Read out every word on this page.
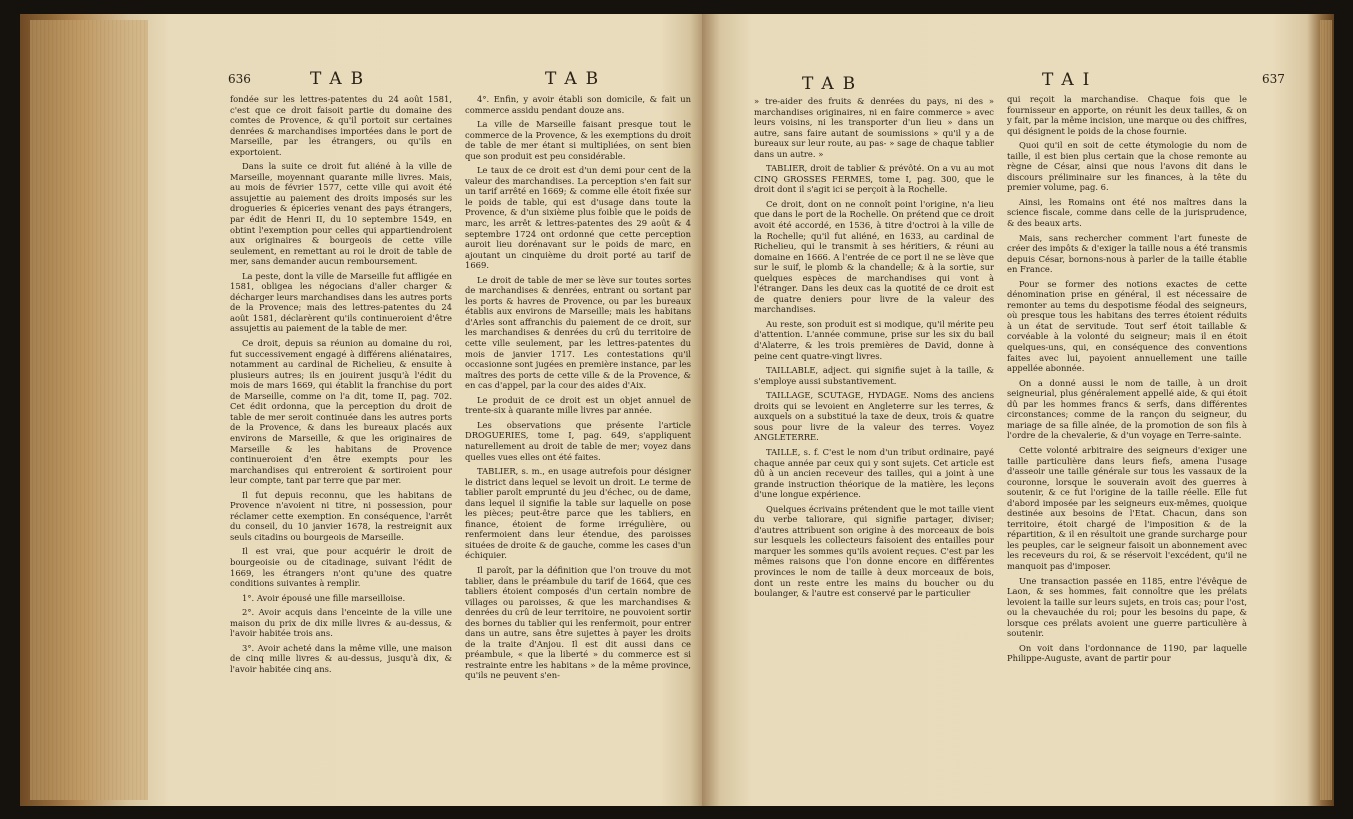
636	TAB	TAB

fondée sur les lettres-patentes du 24 août 1581, c'est que ce droit faisoit partie du domaine des comtes de Provence, & qu'il portoit sur certaines denrées & marchandises importées dans le port de Marseille, par les étrangers, ou qu'ils en exportoient.

Dans la suite ce droit fut aliéné à la ville de Marseille, moyennant quarante mille livres. Mais, au mois de février 1577, cette ville qui avoit été assujettie au paiement des droits imposés sur les drogueries & épiceries venant des pays étrangers, par édit de Henri II, du 10 septembre 1549, en obtint l'exemption pour celles qui appartiendroient aux originaires & bourgeois de cette ville seulement, en remettant au roi le droit de table de mer, sans demander aucun remboursement.

La peste, dont la ville de Marseille fut affligée en 1581, obligea les négocians d'aller charger & décharger leurs marchandises dans les autres ports de la Provence; mais des lettres-patentes du 24 août 1581, déclarèrent qu'ils continueroient d'être assujettis au paiement de la table de mer.

Ce droit, depuis sa réunion au domaine du roi, fut successivement engagé à différens aliénataires, notamment au cardinal de Richelieu, & ensuite à plusieurs autres; ils en jouirent jusqu'à l'édit du mois de mars 1669, qui établit la franchise du port de Marseille, comme on l'a dit, tome II, pag. 702. Cet édit ordonna, que la perception du droit de table de mer seroit continuée dans les autres ports de la Provence, & dans les bureaux placés aux environs de Marseille, & que les originaires de Marseille & les habitans de Provence continueroient d'en être exempts pour les marchandises qui entreroient & sortiroient pour leur compte, tant par terre que par mer.

Il fut depuis reconnu, que les habitans de Provence n'avoient ni titre, ni possession, pour réclamer cette exemption. En conséquence, l'arrêt du conseil, du 10 janvier 1678, la restreignit aux seuls citadins ou bourgeois de Marseille.

Il est vrai, que pour acquérir le droit de bourgeoisie ou de citadinage, suivant l'édit de 1669, les étrangers n'ont qu'une des quatre conditions suivantes à remplir.

1°. Avoir épousé une fille marseilloise.

2°. Avoir acquis dans l'enceinte de la ville une maison du prix de dix mille livres & au-dessus, & l'avoir habitée trois ans.

3°. Avoir acheté dans la même ville, une maison de cinq mille livres & au-dessus, jusqu'à dix, & l'avoir habitée cinq ans.

4°. Enfin, y avoir établi son domicile, & fait un commerce assidu pendant douze ans.

La ville de Marseille faisant presque tout le commerce de la Provence, & les exemptions du droit de table de mer étant si multipliées, on sent bien que son produit est peu considérable.

Le taux de ce droit est d'un demi pour cent de la valeur des marchandises. La perception s'en fait sur un tarif arrêté en 1669; & comme elle étoit fixée sur le poids de table, qui est d'usage dans toute la Provence, & d'un sixième plus foible que le poids de marc, les arrêt & lettres-patentes des 29 août & 4 septembre 1724 ont ordonné que cette perception auroit lieu dorénavant sur le poids de marc, en ajoutant un cinquième du droit porté au tarif de 1669.

Le droit de table de mer se lève sur toutes sortes de marchandises & denrées, entrant ou sortant par les ports & havres de Provence, ou par les bureaux établis aux environs de Marseille; mais les habitans d'Arles sont affranchis du paiement de ce droit, sur les marchandises & denrées du crû du territoire de cette ville seulement, par les lettres-patentes du mois de janvier 1717. Les contestations qu'il occasionne sont jugées en première instance, par les maîtres des ports de cette ville & de la Provence, & en cas d'appel, par la cour des aides d'Aix.

Le produit de ce droit est un objet annuel de trente-six à quarante mille livres par année.

Les observations que présente l'article DROGUERIES, tome I, pag. 649, s'appliquent naturellement au droit de table de mer; voyez dans quelles vues elles ont été faites.

TABLIER, s. m., en usage autrefois pour désigner le district dans lequel se levoit un droit. Le terme de tablier paroît emprunté du jeu d'échec, ou de dame, dans lequel il signifie la table sur laquelle on pose les pièces; peut-être parce que les tabliers, en finance, étoient de forme irrégulière, ou renfermoient dans leur étendue, des paroisses situées de droite & de gauche, comme les cases d'un échiquier.

Il paroît, par la définition que l'on trouve du mot tablier, dans le préambule du tarif de 1664, que ces tabliers étoient composés d'un certain nombre de villages ou paroisses, & que les marchandises & denrées du crû de leur territoire, ne pouvoient sortir des bornes du tablier qui les renfermoit, pour entrer dans un autre, sans être sujettes à payer les droits de la traite d'Anjou. Il est dit aussi dans ce préambule, « que la liberté » du commerce est si restrainte entre les habitans » de la même province, qu'ils ne peuvent s'en-

TAB	TAI	637

» tre-aider des fruits & denrées du pays, ni des » marchandises originaires, ni en faire commerce » avec leurs voisins, ni les transporter d'un lieu » dans un autre, sans faire autant de soumissions » qu'il y a de bureaux sur leur route, au pas- » sage de chaque tablier dans un autre. »

TABLIER, droit de tablier & prévôté. On a vu au mot CINQ GROSSES FERMES, tome I, pag. 300, que le droit dont il s'agit ici se perçoit à la Rochelle.

Ce droit, dont on ne connoît point l'origine, n'a lieu que dans le port de la Rochelle. On prétend que ce droit avoit été accordé, en 1536, à titre d'octroi à la ville de la Rochelle; qu'il fut aliéné, en 1633, au cardinal de Richelieu, qui le transmit à ses héritiers, & réuni au domaine en 1666. A l'entrée de ce port il ne se lève que sur le suif, le plomb & la chandelle; & à la sortie, sur quelques espèces de marchandises qui vont à l'étranger. Dans les deux cas la quotité de ce droit est de quatre deniers pour livre de la valeur des marchandises.

Au reste, son produit est si modique, qu'il mérite peu d'attention. L'année commune, prise sur les six du bail d'Alaterre, & les trois premières de David, donne à peine cent quatre-vingt livres.

TAILLABLE, adject. qui signifie sujet à la taille, & s'employe aussi substantivement.

TAILLAGE, SCUTAGE, HYDAGE. Noms des anciens droits qui se levoient en Angleterre sur les terres, & auxquels on a substitué la taxe de deux, trois & quatre sous pour livre de la valeur des terres. Voyez ANGLETERRE.

TAILLE, s. f. C'est le nom d'un tribut ordinaire, payé chaque année par ceux qui y sont sujets. Cet article est dû à un ancien receveur des tailles, qui a joint à une grande instruction théorique de la matière, les leçons d'une longue expérience.

Quelques écrivains prétendent que le mot taille vient du verbe taliorare, qui signifie partager, diviser; d'autres attribuent son origine à des morceaux de bois sur lesquels les collecteurs faisoient des entailles pour marquer les sommes qu'ils avoient reçues. C'est par les mêmes raisons que l'on donne encore en différentes provinces le nom de taille à deux morceaux de bois, dont un reste entre les mains du boucher ou du boulanger, & l'autre est conservé par le particulier

qui reçoit la marchandise. Chaque fois que le fournisseur en apporte, on réunit les deux tailles, & on y fait, par la même incision, une marque ou des chiffres, qui désignent le poids de la chose fournie.

Quoi qu'il en soit de cette étymologie du nom de taille, il est bien plus certain que la chose remonte au règne de César, ainsi que nous l'avons dit dans le discours préliminaire sur les finances, à la tête du premier volume, pag. 6.

Ainsi, les Romains ont été nos maîtres dans la science fiscale, comme dans celle de la jurisprudence, & des beaux arts.

Mais, sans rechercher comment l'art funeste de créer des impôts & d'exiger la taille nous a été transmis depuis César, bornons-nous à parler de la taille établie en France.

Pour se former des notions exactes de cette dénomination prise en général, il est nécessaire de remonter au tems du despotisme féodal des seigneurs, où presque tous les habitans des terres étoient réduits à un état de servitude. Tout serf étoit taillable & corvéable à la volonté du seigneur; mais il en étoit quelques-uns, qui, en conséquence des conventions faites avec lui, payoient annuellement une taille appellée abonnée.

On a donné aussi le nom de taille, à un droit seigneurial, plus généralement appellé aide, & qui étoit dû par les hommes francs & serfs, dans différentes circonstances; comme de la rançon du seigneur, du mariage de sa fille aînée, de la promotion de son fils à l'ordre de la chevalerie, & d'un voyage en Terre-sainte.

Cette volonté arbitraire des seigneurs d'exiger une taille particulière dans leurs fiefs, amena l'usage d'asseoir une taille générale sur tous les vassaux de la couronne, lorsque le souverain avoit des guerres à soutenir, & ce fut l'origine de la taille réelle. Elle fut d'abord imposée par les seigneurs eux-mêmes, quoique destinée aux besoins de l'Etat. Chacun, dans son territoire, étoit chargé de l'imposition & de la répartition, & il en résultoit une grande surcharge pour les peuples, car le seigneur faisoit un abonnement avec les receveurs du roi, & se réservoit l'excédent, qu'il ne manquoit pas d'imposer.

Une transaction passée en 1185, entre l'évêque de Laon, & ses hommes, fait connoître que les prélats levoient la taille sur leurs sujets, en trois cas; pour l'ost, ou la chevauchée du roi; pour les besoins du pape, & lorsque ces prélats avoient une guerre particulière à soutenir.

On voit dans l'ordonnance de 1190, par laquelle Philippe-Auguste, avant de partir pour
